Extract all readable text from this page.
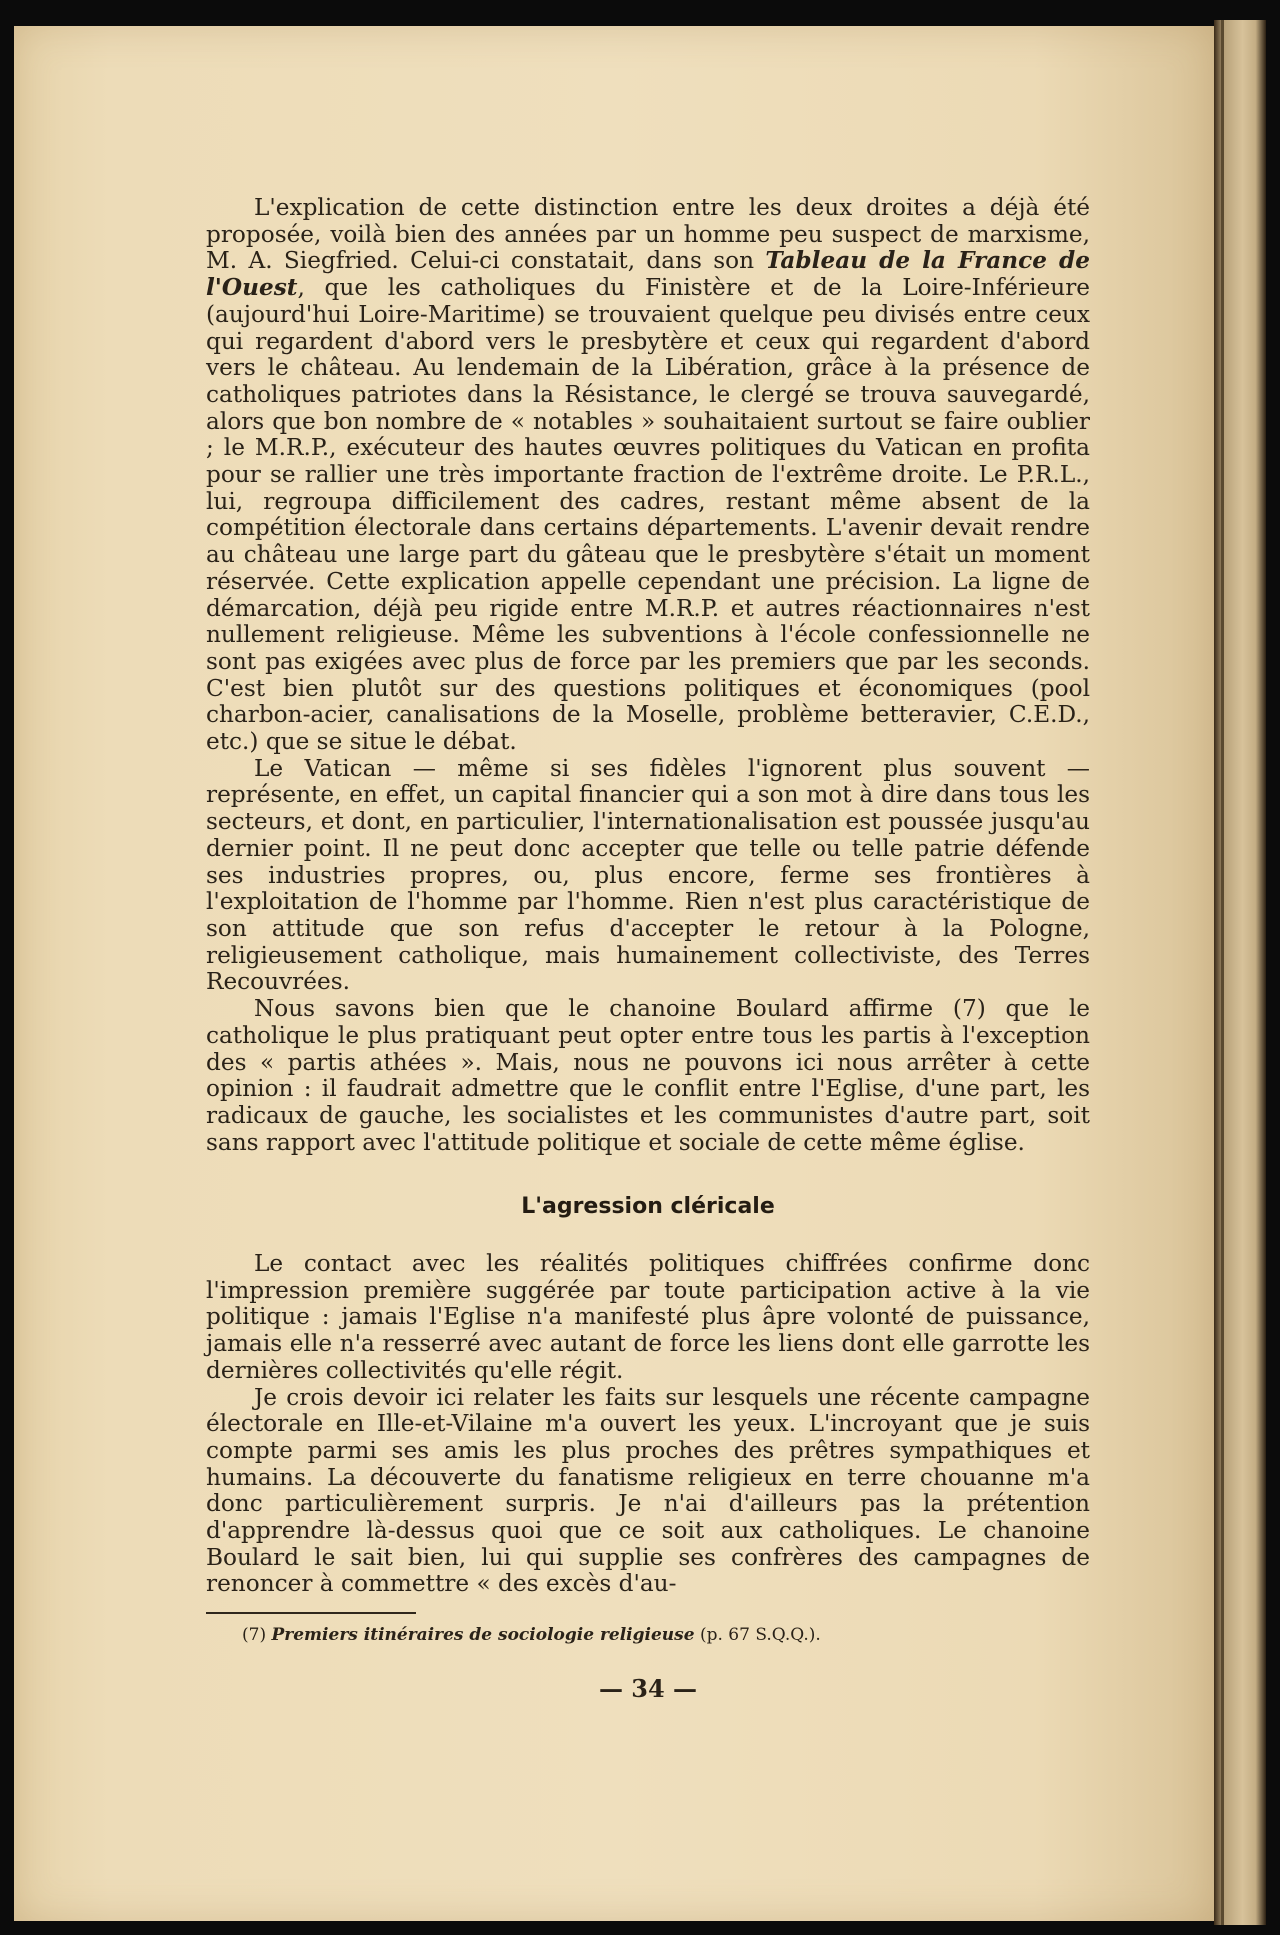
L'explication de cette distinction entre les deux droites a déjà été proposée, voilà bien des années par un homme peu suspect de marxisme, M. A. Siegfried. Celui-ci constatait, dans son Tableau de la France de l'Ouest, que les catholiques du Finistère et de la Loire-Inférieure (aujourd'hui Loire-Maritime) se trouvaient quelque peu divisés entre ceux qui regardent d'abord vers le presbytère et ceux qui regardent d'abord vers le château. Au lendemain de la Libération, grâce à la présence de catholiques patriotes dans la Résistance, le clergé se trouva sauvegardé, alors que bon nombre de « notables » souhaitaient surtout se faire oublier ; le M.R.P., exécuteur des hautes œuvres politiques du Vatican en profita pour se rallier une très importante fraction de l'extrême droite. Le P.R.L., lui, regroupa difficilement des cadres, restant même absent de la compétition électorale dans certains départements. L'avenir devait rendre au château une large part du gâteau que le presbytère s'était un moment réservée. Cette explication appelle cependant une précision. La ligne de démarcation, déjà peu rigide entre M.R.P. et autres réactionnaires n'est nullement religieuse. Même les subventions à l'école confessionnelle ne sont pas exigées avec plus de force par les premiers que par les seconds. C'est bien plutôt sur des questions politiques et économiques (pool charbon-acier, canalisations de la Moselle, problème betteravier, C.E.D., etc.) que se situe le débat.

Le Vatican — même si ses fidèles l'ignorent plus souvent — représente, en effet, un capital financier qui a son mot à dire dans tous les secteurs, et dont, en particulier, l'internationalisation est poussée jusqu'au dernier point. Il ne peut donc accepter que telle ou telle patrie défende ses industries propres, ou, plus encore, ferme ses frontières à l'exploitation de l'homme par l'homme. Rien n'est plus caractéristique de son attitude que son refus d'accepter le retour à la Pologne, religieusement catholique, mais humainement collectiviste, des Terres Recouvrées.

Nous savons bien que le chanoine Boulard affirme (7) que le catholique le plus pratiquant peut opter entre tous les partis à l'exception des « partis athées ». Mais, nous ne pouvons ici nous arrêter à cette opinion : il faudrait admettre que le conflit entre l'Eglise, d'une part, les radicaux de gauche, les socialistes et les communistes d'autre part, soit sans rapport avec l'attitude politique et sociale de cette même église.

L'agression cléricale

Le contact avec les réalités politiques chiffrées confirme donc l'impression première suggérée par toute participation active à la vie politique : jamais l'Eglise n'a manifesté plus âpre volonté de puissance, jamais elle n'a resserré avec autant de force les liens dont elle garrotte les dernières collectivités qu'elle régit.

Je crois devoir ici relater les faits sur lesquels une récente campagne électorale en Ille-et-Vilaine m'a ouvert les yeux. L'incroyant que je suis compte parmi ses amis les plus proches des prêtres sympathiques et humains. La découverte du fanatisme religieux en terre chouanne m'a donc particulièrement surpris. Je n'ai d'ailleurs pas la prétention d'apprendre là-dessus quoi que ce soit aux catholiques. Le chanoine Boulard le sait bien, lui qui supplie ses confrères des campagnes de renoncer à commettre « des excès d'au-

(7) Premiers itinéraires de sociologie religieuse (p. 67 S.Q.Q.).

— 34 —
